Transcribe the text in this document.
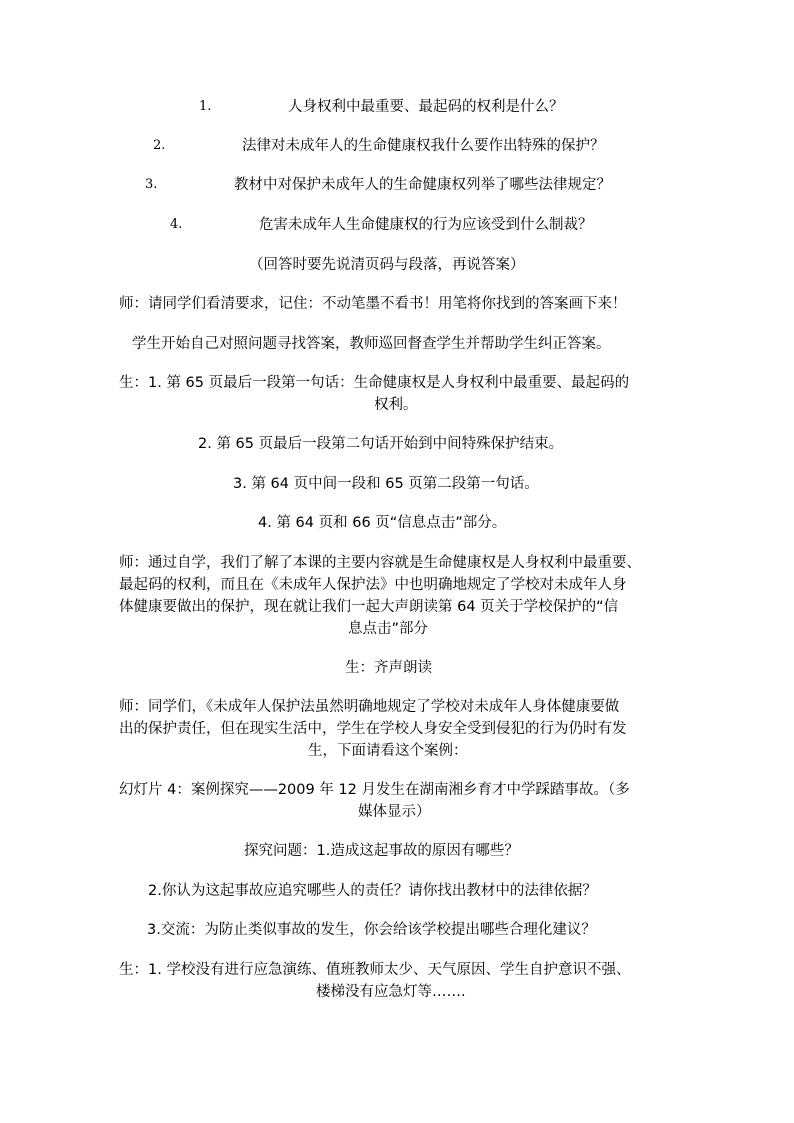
1.	人身权利中最重要、最起码的权利是什么？
2.	法律对未成年人的生命健康权我什么要作出特殊的保护？
3.	教材中对保护未成年人的生命健康权列举了哪些法律规定？
4.	危害未成年人生命健康权的行为应该受到什么制裁？
（回答时要先说清页码与段落，再说答案）
师：请同学们看清要求，记住：不动笔墨不看书！用笔将你找到的答案画下来！
学生开始自己对照问题寻找答案，教师巡回督查学生并帮助学生纠正答案。
生：1. 第 65 页最后一段第一句话：生命健康权是人身权利中最重要、最起码的
权利。
2. 第 65 页最后一段第二句话开始到中间特殊保护结束。
3. 第 64 页中间一段和 65 页第二段第一句话。
4. 第 64 页和 66 页“信息点击”部分。
师：通过自学，我们了解了本课的主要内容就是生命健康权是人身权利中最重要、
最起码的权利，而且在《未成年人保护法》中也明确地规定了学校对未成年人身
体健康要做出的保护，现在就让我们一起大声朗读第 64 页关于学校保护的“信
息点击”部分
生：齐声朗读
师：同学们，《未成年人保护法虽然明确地规定了学校对未成年人身体健康要做
出的保护责任，但在现实生活中，学生在学校人身安全受到侵犯的行为仍时有发
生，下面请看这个案例：
幻灯片 4：案例探究——2009 年 12 月发生在湖南湘乡育才中学踩踏事故。（多
媒体显示）
探究问题：1.造成这起事故的原因有哪些？
2.你认为这起事故应追究哪些人的责任？请你找出教材中的法律依据？
3.交流：为防止类似事故的发生，你会给该学校提出哪些合理化建议？
生：1. 学校没有进行应急演练、值班教师太少、天气原因、学生自护意识不强、
楼梯没有应急灯等…….
